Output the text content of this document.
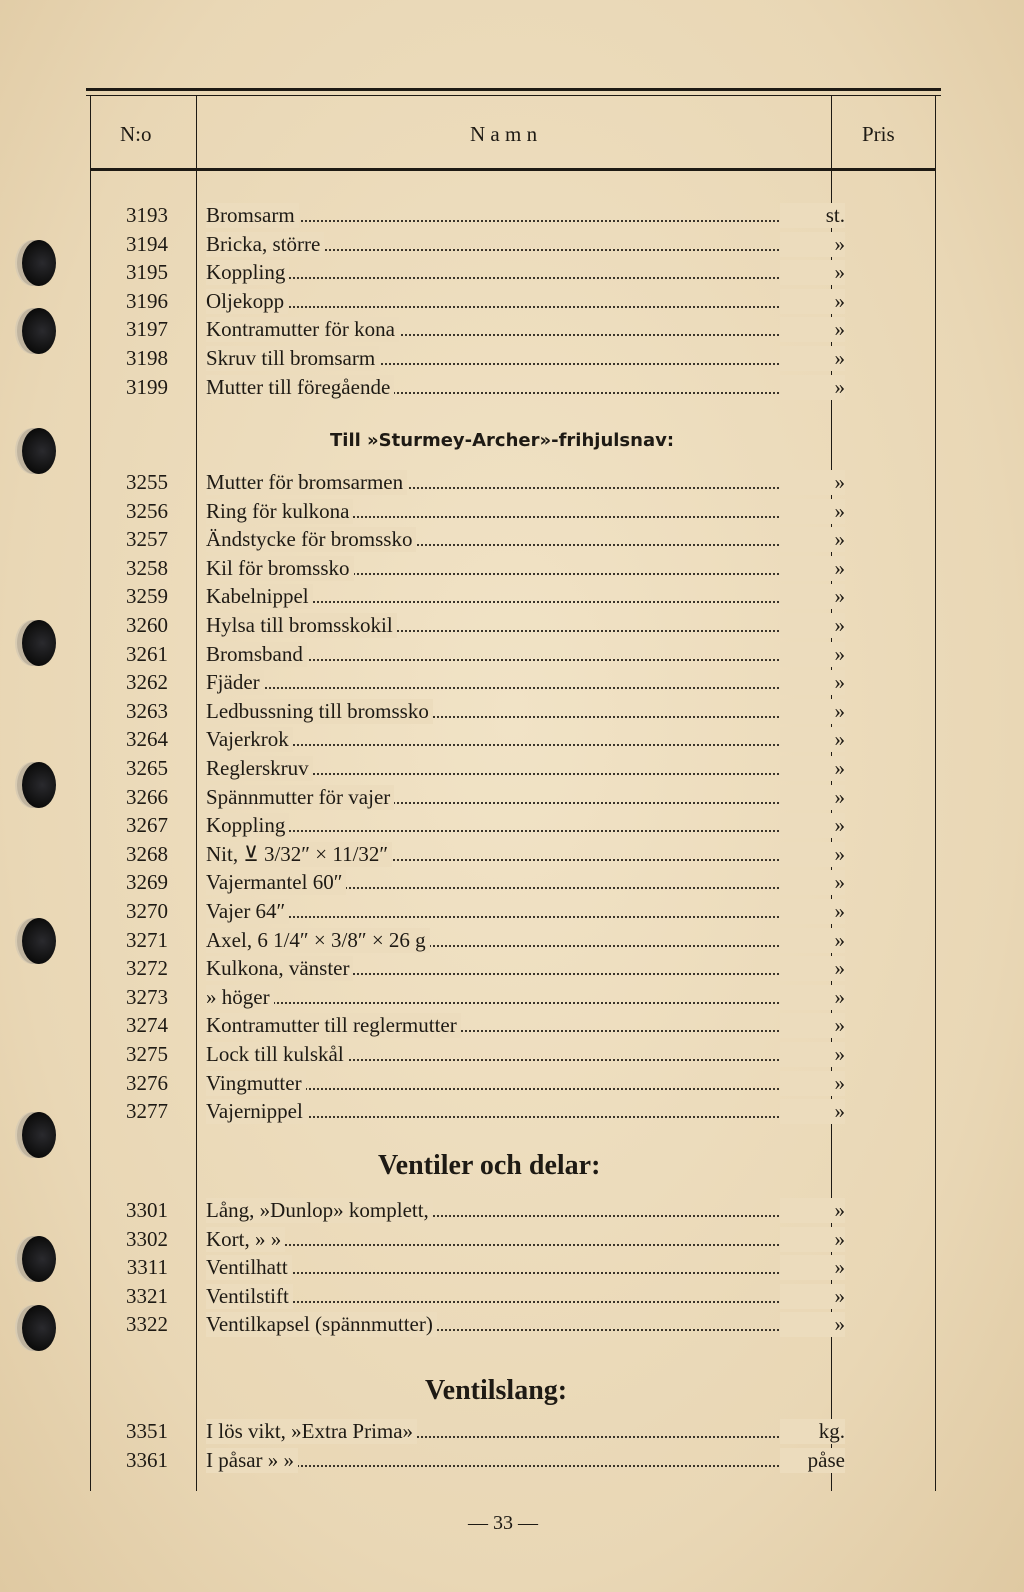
N:o	N a m n	Pris
3193 Bromsarm	st.
3194 Bricka, större	»
3195 Koppling	»
3196 Oljekopp	»
3197 Kontramutter för kona	»
3198 Skruv till bromsarm	»
3199 Mutter till föregående	»
Till »Sturmey-Archer»-frihjulsnav:
3255 Mutter för bromsarmen	»
3256 Ring för kulkona	»
3257 Ändstycke för bromssko	»
3258 Kil för bromssko	»
3259 Kabelnippel	»
3260 Hylsa till bromsskokil	»
3261 Bromsband	»
3262 Fjäder	»
3263 Ledbussning till bromssko	»
3264 Vajerkrok	»
3265 Reglerskruv	»
3266 Spännmutter för vajer	»
3267 Koppling	»
3268 Nit, ⊻ 3/32″ × 11/32″	»
3269 Vajermantel 60″	»
3270 Vajer 64″	»
3271 Axel, 6 1/4″ × 3/8″ × 26 g	»
3272 Kulkona, vänster	»
3273 » höger	»
3274 Kontramutter till reglermutter	»
3275 Lock till kulskål	»
3276 Vingmutter	»
3277 Vajernippel	»
Ventiler och delar:
3301 Lång, »Dunlop» komplett,	»
3302 Kort, » »	»
3311 Ventilhatt	»
3321 Ventilstift	»
3322 Ventilkapsel (spännmutter)	»
Ventilslang:
3351 I lös vikt, »Extra Prima»	kg.
3361 I påsar » »	påse
— 33 —
